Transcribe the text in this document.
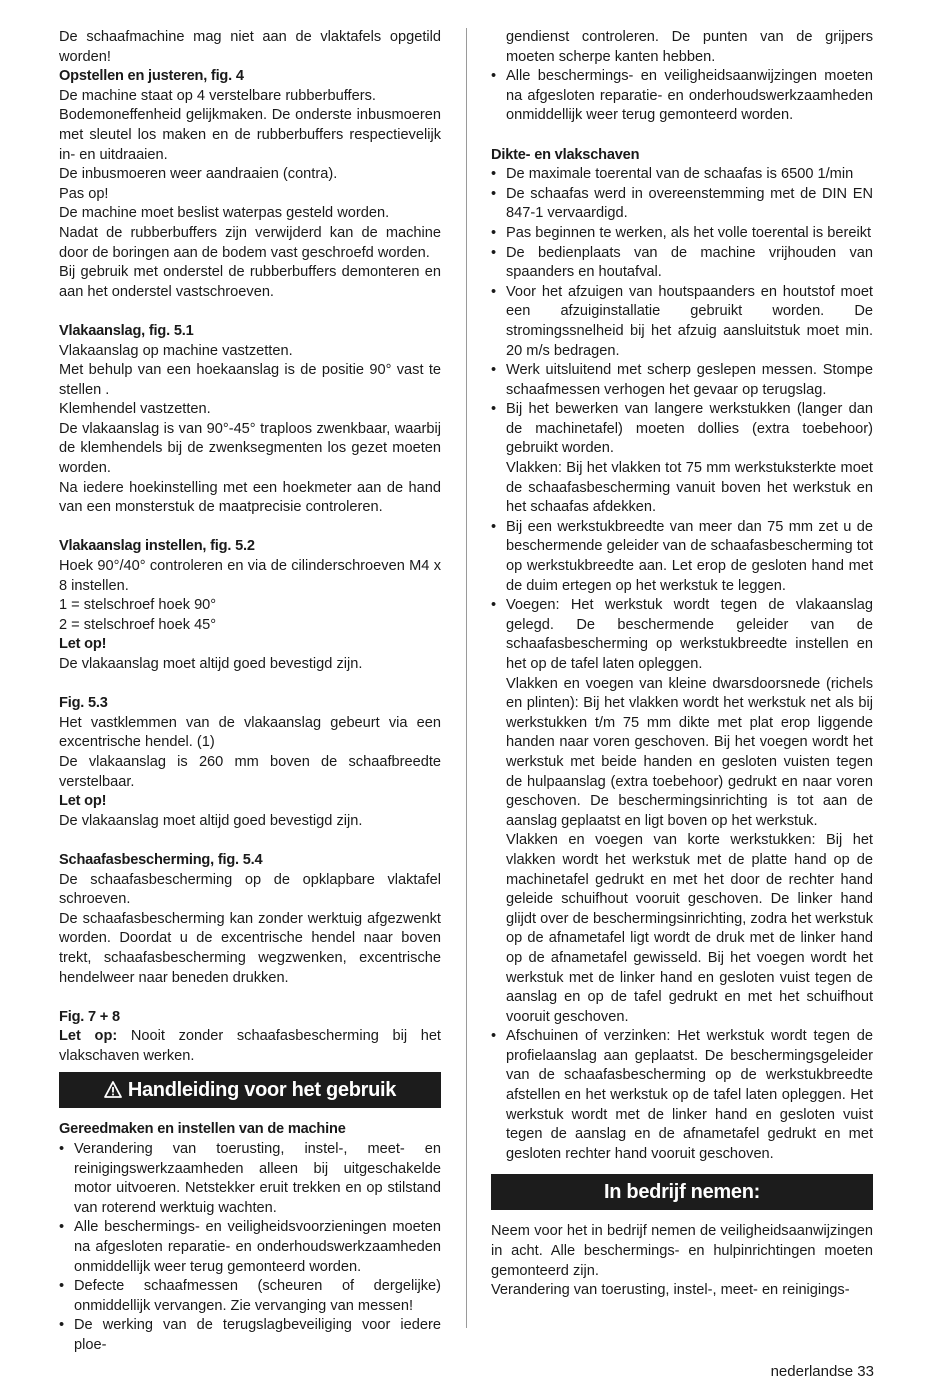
De schaafmachine mag niet aan de vlaktafels opgetild worden!

Opstellen en justeren, fig. 4

De machine staat op 4 verstelbare rubberbuffers.

Bodemoneffenheid gelijkmaken. De onderste inbusmoeren met sleutel los maken en de rubberbuffers respectievelijk in- en uitdraaien.

De inbusmoeren weer aandraaien (contra).

Pas op!

De machine moet beslist waterpas gesteld worden.

Nadat de rubberbuffers zijn verwijderd kan de machine door de boringen aan de bodem vast geschroefd worden.

Bij gebruik met onderstel de rubberbuffers demonteren en aan het onderstel vastschroeven.

Vlakaanslag, fig. 5.1

Vlakaanslag op machine vastzetten.

Met behulp van een hoekaanslag is de positie 90° vast te stellen .

Klemhendel vastzetten.

De vlakaanslag is van 90°-45° traploos zwenkbaar, waarbij de klemhendels bij de zwenksegmenten los gezet moeten worden.

Na iedere hoekinstelling met een hoekmeter aan de hand van een monsterstuk de maatprecisie controleren.

Vlakaanslag instellen, fig. 5.2

Hoek 90°/40° controleren en via de cilinderschroeven M4 x 8 instellen.

1 = stelschroef hoek 90°

2 = stelschroef hoek 45°

Let op!

De vlakaanslag moet altijd goed bevestigd zijn.

Fig. 5.3

Het vastklemmen van de vlakaanslag gebeurt via een excentrische hendel. (1)

De vlakaanslag is 260 mm boven de schaafbreedte verstelbaar.

Let op!

De vlakaanslag moet altijd goed bevestigd zijn.

Schaafasbescherming, fig. 5.4

De schaafasbescherming op de opklapbare vlaktafel schroeven.

De schaafasbescherming kan zonder werktuig afgezwenkt worden. Doordat u de excentrische hendel naar boven trekt, schaafasbescherming wegzwenken, excentrische hendelweer naar beneden drukken.

Fig. 7 + 8

Let op: Nooit zonder schaafasbescherming bij het vlakschaven werken.

Handleiding voor het gebruik

Gereedmaken en instellen van de machine

• Verandering van toerusting, instel-, meet- en reinigingswerkzaamheden alleen bij uitgeschakelde motor uitvoeren. Netstekker eruit trekken en op stilstand van roterend werktuig wachten.
• Alle beschermings- en veiligheidsvoorzieningen moeten na afgesloten reparatie- en onderhoudswerkzaamheden onmiddellijk weer terug gemonteerd worden.
• Defecte schaafmessen (scheuren of dergelijke) onmiddellijk vervangen. Zie vervanging van messen!
• De werking van de terugslagbeveiliging voor iedere ploe-

gendienst controleren. De punten van de grijpers moeten scherpe kanten hebben.

• Alle beschermings- en veiligheidsaanwijzingen moeten na afgesloten reparatie- en onderhoudswerkzaamheden onmiddellijk weer terug gemonteerd worden.

Dikte- en vlakschaven

• De maximale toerental van de schaafas is 6500 1/min
• De schaafas werd in overeenstemming met de DIN EN 847-1 vervaardigd.
• Pas beginnen te werken, als het volle toerental is bereikt
• De bedienplaats van de machine vrijhouden van spaanders en houtafval.
• Voor het afzuigen van houtspaanders en houtstof moet een afzuiginstallatie gebruikt worden. De stromingssnelheid bij het afzuig aansluitstuk moet min. 20 m/s bedragen.
• Werk uitsluitend met scherp geslepen messen. Stompe schaafmessen verhogen het gevaar op terugslag.
• Bij het bewerken van langere werkstukken (langer dan de machinetafel) moeten dollies (extra toebehoor) gebruikt worden.
Vlakken: Bij het vlakken tot 75 mm werkstuksterkte moet de schaafasbescherming vanuit boven het werkstuk en het schaafas afdekken.
• Bij een werkstukbreedte van meer dan 75 mm zet u de beschermende geleider van de schaafasbescherming tot op werkstukbreedte aan. Let erop de gesloten hand met de duim ertegen op het werkstuk te leggen.
• Voegen: Het werkstuk wordt tegen de vlakaanslag gelegd. De beschermende geleider van de schaafasbescherming op werkstukbreedte instellen en het op de tafel laten opleggen.
Vlakken en voegen van kleine dwarsdoorsnede (richels en plinten): Bij het vlakken wordt het werkstuk net als bij werkstukken t/m 75 mm dikte met plat erop liggende handen naar voren geschoven. Bij het voegen wordt het werkstuk met beide handen en gesloten vuisten tegen de hulpaanslag (extra toebehoor) gedrukt en naar voren geschoven. De beschermingsinrichting is tot aan de aanslag geplaatst en ligt boven op het werkstuk.
Vlakken en voegen van korte werkstukken: Bij het vlakken wordt het werkstuk met de platte hand op de machinetafel gedrukt en met het door de rechter hand geleide schuifhout vooruit geschoven. De linker hand glijdt over de beschermingsinrichting, zodra het werkstuk op de afnametafel ligt wordt de druk met de linker hand op de afnametafel gewisseld. Bij het voegen wordt het werkstuk met de linker hand en gesloten vuist tegen de aanslag en op de tafel gedrukt en met het schuifhout vooruit geschoven.
• Afschuinen of verzinken: Het werkstuk wordt tegen de profielaanslag aan geplaatst. De beschermingsgeleider van de schaafasbescherming op de werkstukbreedte afstellen en het werkstuk op de tafel laten opleggen. Het werkstuk wordt met de linker hand en gesloten vuist tegen de aanslag en de afnametafel gedrukt en met gesloten rechter hand vooruit geschoven.
In bedrijf nemen:

Neem voor het in bedrijf nemen de veiligheidsaanwijzingen in acht. Alle beschermings- en hulpinrichtingen moeten gemonteerd zijn.

Verandering van toerusting, instel-, meet- en reinigings-

nederlandse 33
